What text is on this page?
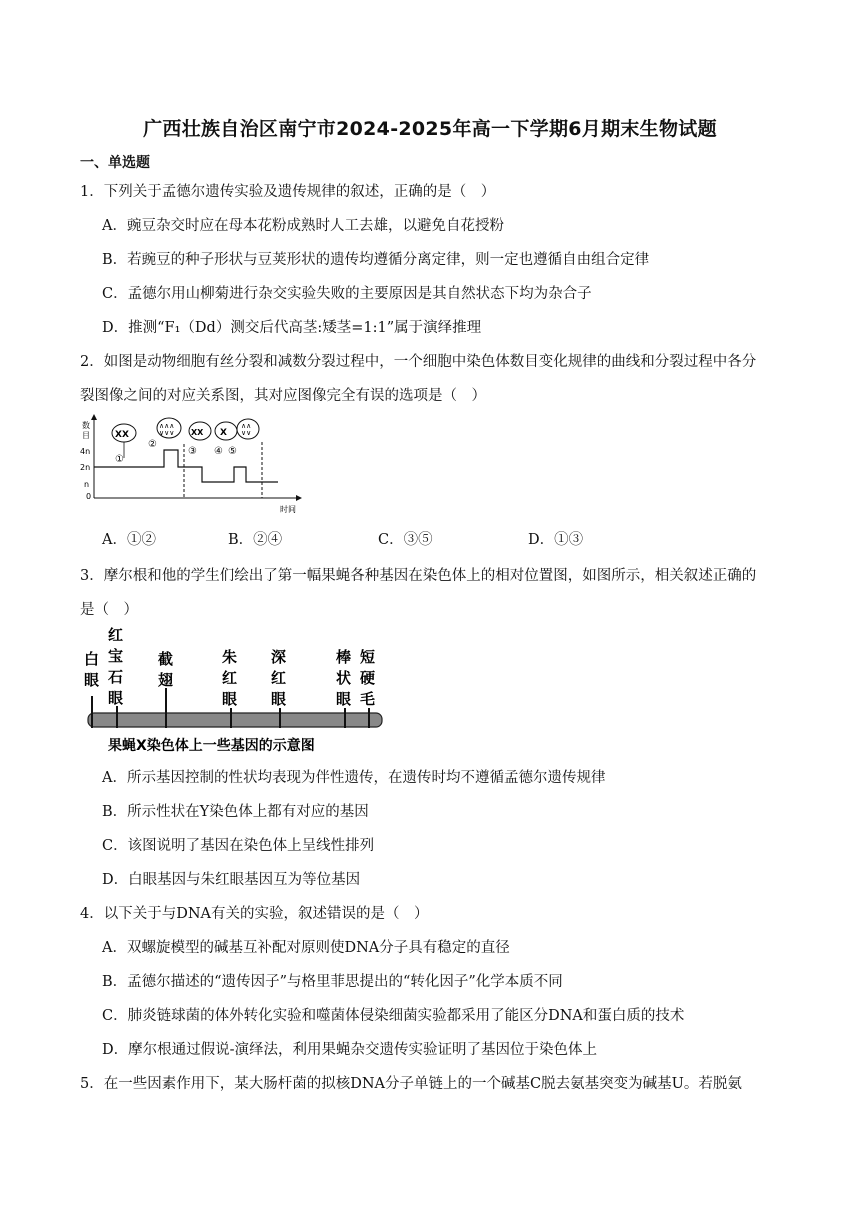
广西壮族自治区南宁市2024-2025年高一下学期6月期末生物试题
一、单选题
1．下列关于孟德尔遗传实验及遗传规律的叙述，正确的是（　）
A．豌豆杂交时应在母本花粉成熟时人工去雄，以避免自花授粉
B．若豌豆的种子形状与豆荚形状的遗传均遵循分离定律，则一定也遵循自由组合定律
C．孟德尔用山柳菊进行杂交实验失败的主要原因是其自然状态下均为杂合子
D．推测“F₁（Dd）测交后代高茎:矮茎=1:1”属于演绎推理
2．如图是动物细胞有丝分裂和减数分裂过程中，一个细胞中染色体数目变化规律的曲线和分裂过程中各分
裂图像之间的对应关系图，其对应图像完全有误的选项是（　）
数
目
4n
2n
n
0
时间
XX
①
∧∧∧
∨∨∨
②
XX
③
X
④
∧∧
∨∨
⑤
A．①②	B．②④	C．③⑤	D．①③
3．摩尔根和他的学生们绘出了第一幅果蝇各种基因在染色体上的相对位置图，如图所示，相关叙述正确的
是（　）
白
眼
红
宝
石
眼
截
翅
朱
红
眼
深
红
眼
棒
状
眼
短
硬
毛
果蝇X染色体上一些基因的示意图
A．所示基因控制的性状均表现为伴性遗传，在遗传时均不遵循孟德尔遗传规律
B．所示性状在Y染色体上都有对应的基因
C．该图说明了基因在染色体上呈线性排列
D．白眼基因与朱红眼基因互为等位基因
4．以下关于与DNA有关的实验，叙述错误的是（　）
A．双螺旋模型的碱基互补配对原则使DNA分子具有稳定的直径
B．孟德尔描述的“遗传因子”与格里菲思提出的“转化因子”化学本质不同
C．肺炎链球菌的体外转化实验和噬菌体侵染细菌实验都采用了能区分DNA和蛋白质的技术
D．摩尔根通过假说-演绎法，利用果蝇杂交遗传实验证明了基因位于染色体上
5．在一些因素作用下，某大肠杆菌的拟核DNA分子单链上的一个碱基C脱去氨基突变为碱基U。若脱氨
